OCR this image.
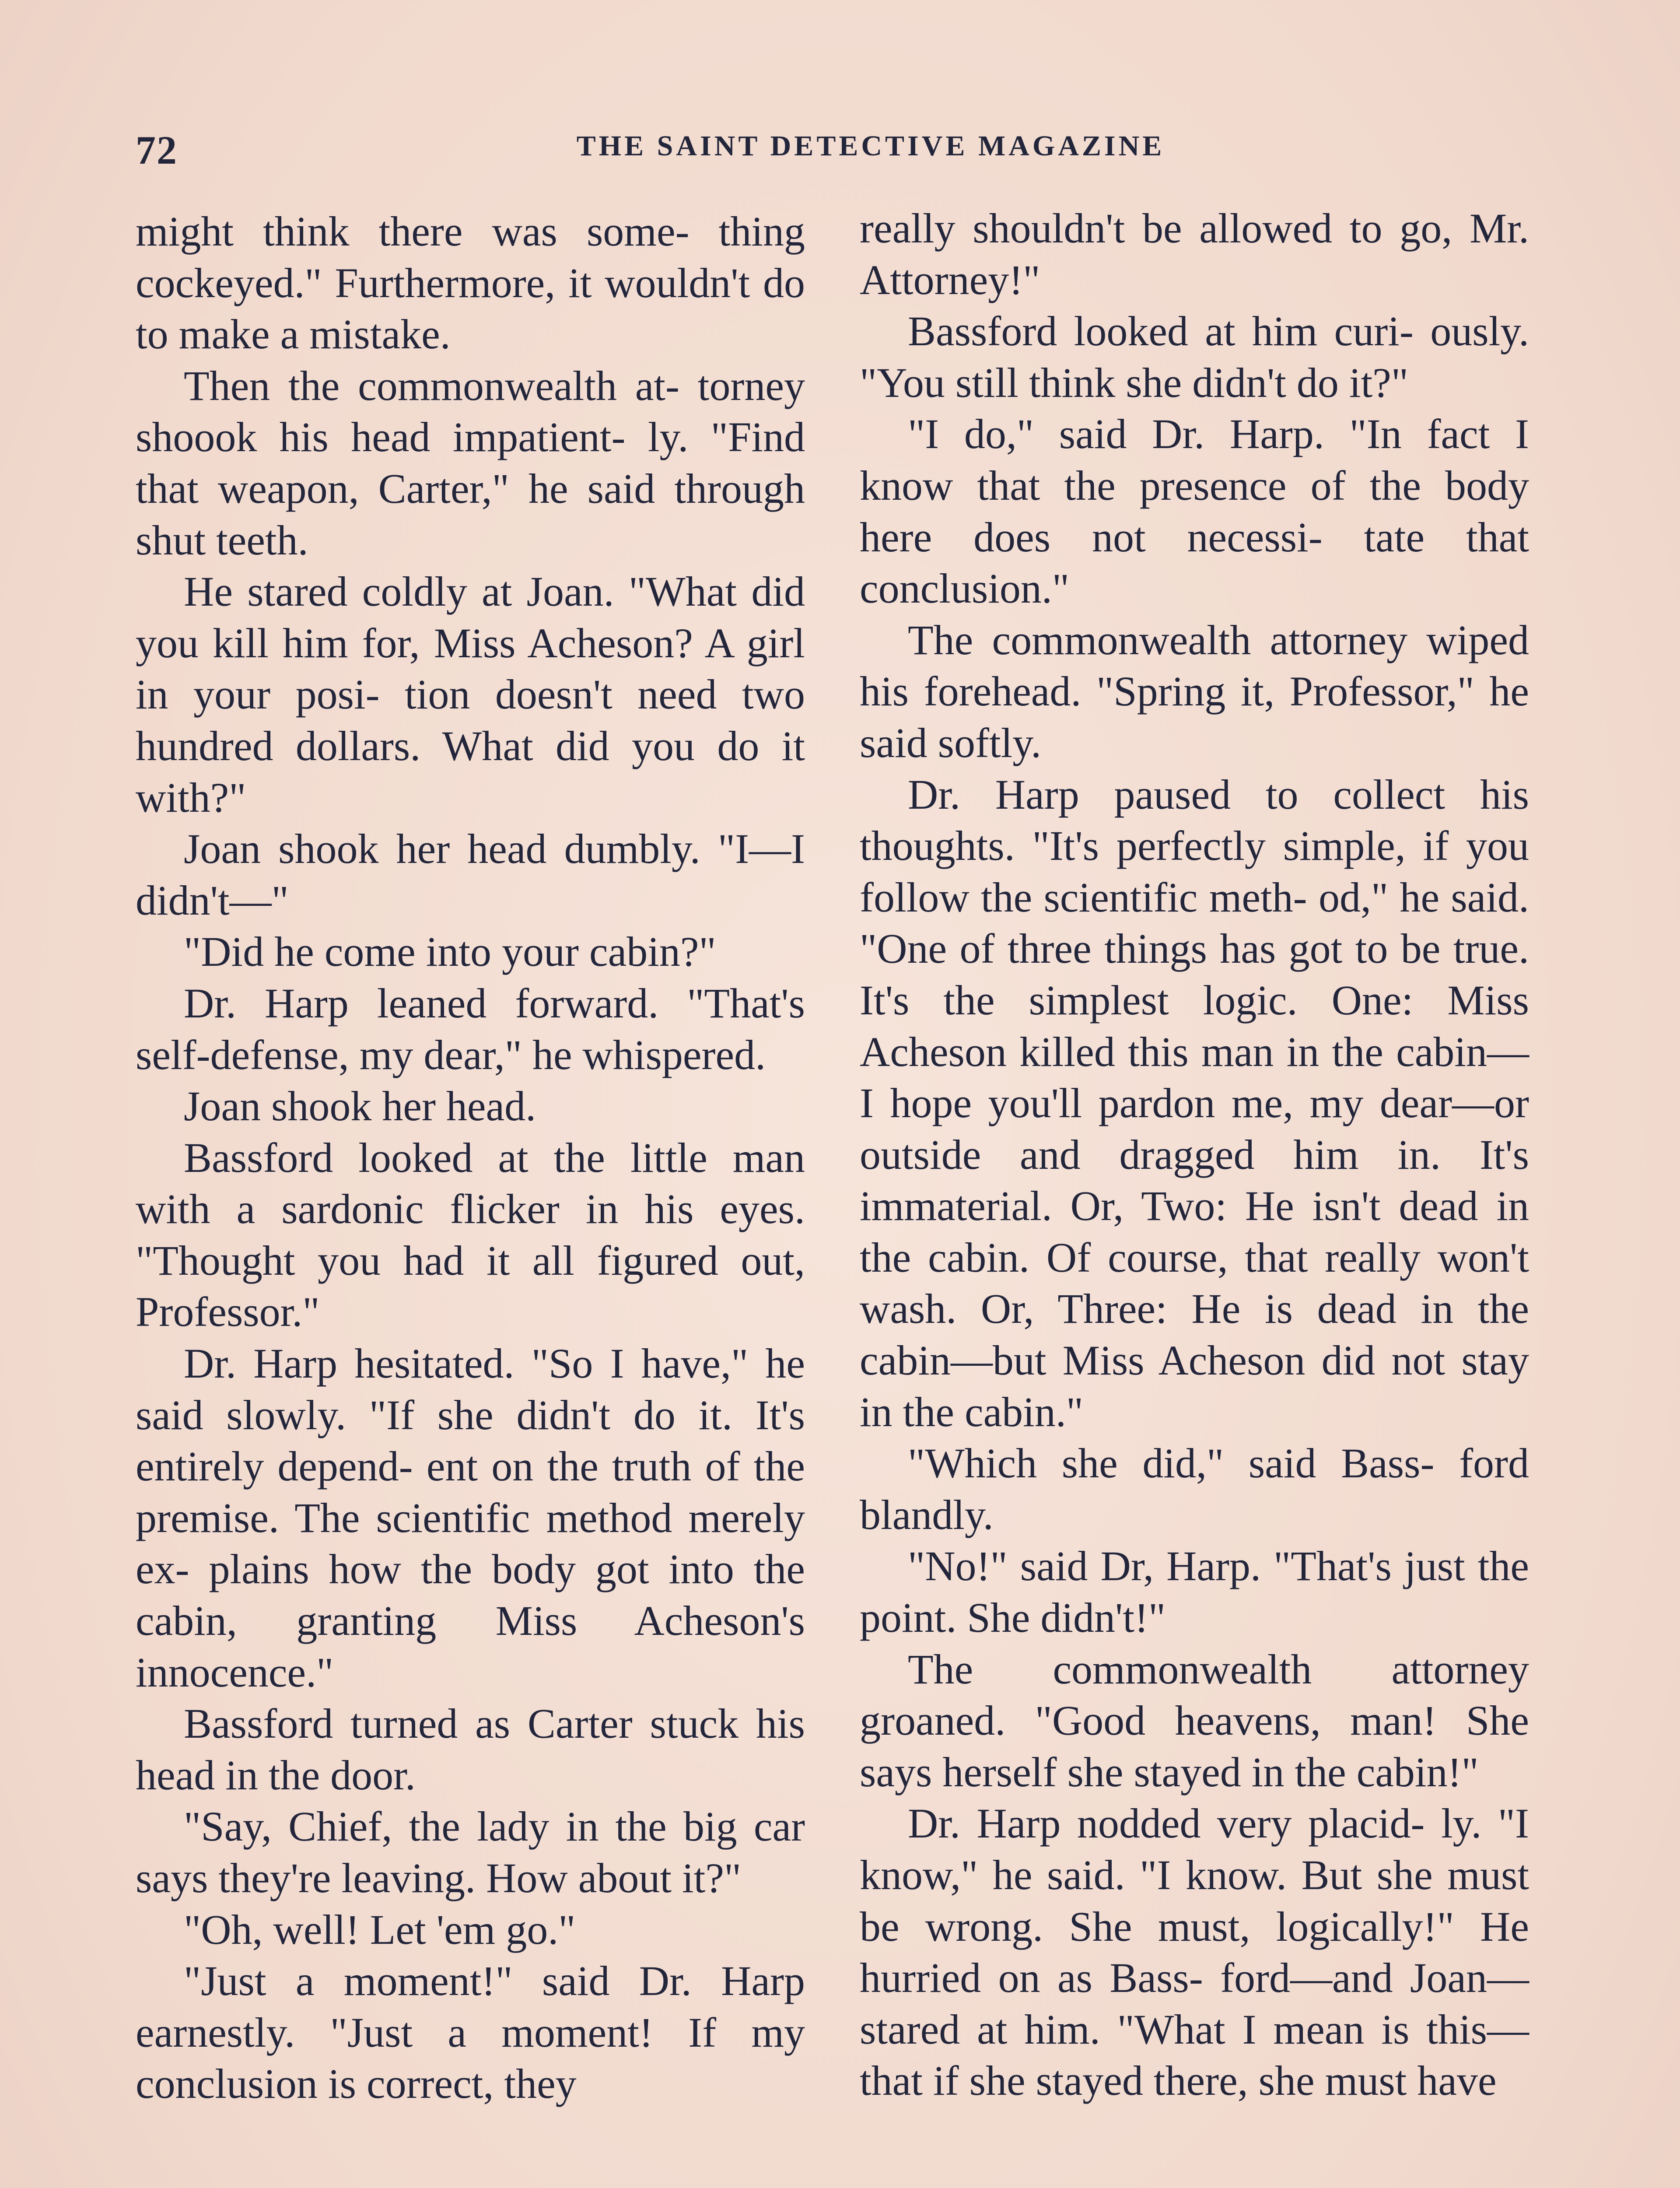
72	THE SAINT DETECTIVE MAGAZINE

might think there was some- thing cockeyed." Furthermore, it wouldn't do to make a mistake.

Then the commonwealth at- torney shoook his head impatient- ly. "Find that weapon, Carter," he said through shut teeth.

He stared coldly at Joan. "What did you kill him for, Miss Acheson? A girl in your posi- tion doesn't need two hundred dollars. What did you do it with?"

Joan shook her head dumbly. "I—I didn't—"

"Did he come into your cabin?"

Dr. Harp leaned forward. "That's self-defense, my dear," he whispered.

Joan shook her head.

Bassford looked at the little man with a sardonic flicker in his eyes. "Thought you had it all figured out, Professor."

Dr. Harp hesitated. "So I have," he said slowly. "If she didn't do it. It's entirely depend- ent on the truth of the premise. The scientific method merely ex- plains how the body got into the cabin, granting Miss Acheson's innocence."

Bassford turned as Carter stuck his head in the door.

"Say, Chief, the lady in the big car says they're leaving. How about it?"

"Oh, well! Let 'em go."

"Just a moment!" said Dr. Harp earnestly. "Just a moment! If my conclusion is correct, they

really shouldn't be allowed to go, Mr. Attorney!"

Bassford looked at him curi- ously. "You still think she didn't do it?"

"I do," said Dr. Harp. "In fact I know that the presence of the body here does not necessi- tate that conclusion."

The commonwealth attorney wiped his forehead. "Spring it, Professor," he said softly.

Dr. Harp paused to collect his thoughts. "It's perfectly simple, if you follow the scientific meth- od," he said. "One of three things has got to be true. It's the simplest logic. One: Miss Acheson killed this man in the cabin—I hope you'll pardon me, my dear—or outside and dragged him in. It's immaterial. Or, Two: He isn't dead in the cabin. Of course, that really won't wash. Or, Three: He is dead in the cabin—but Miss Acheson did not stay in the cabin."

"Which she did," said Bass- ford blandly.

"No!" said Dr, Harp. "That's just the point. She didn't!"

The commonwealth attorney groaned. "Good heavens, man! She says herself she stayed in the cabin!"

Dr. Harp nodded very placid- ly. "I know," he said. "I know. But she must be wrong. She must, logically!" He hurried on as Bass- ford—and Joan—stared at him. "What I mean is this—that if she stayed there, she must have
